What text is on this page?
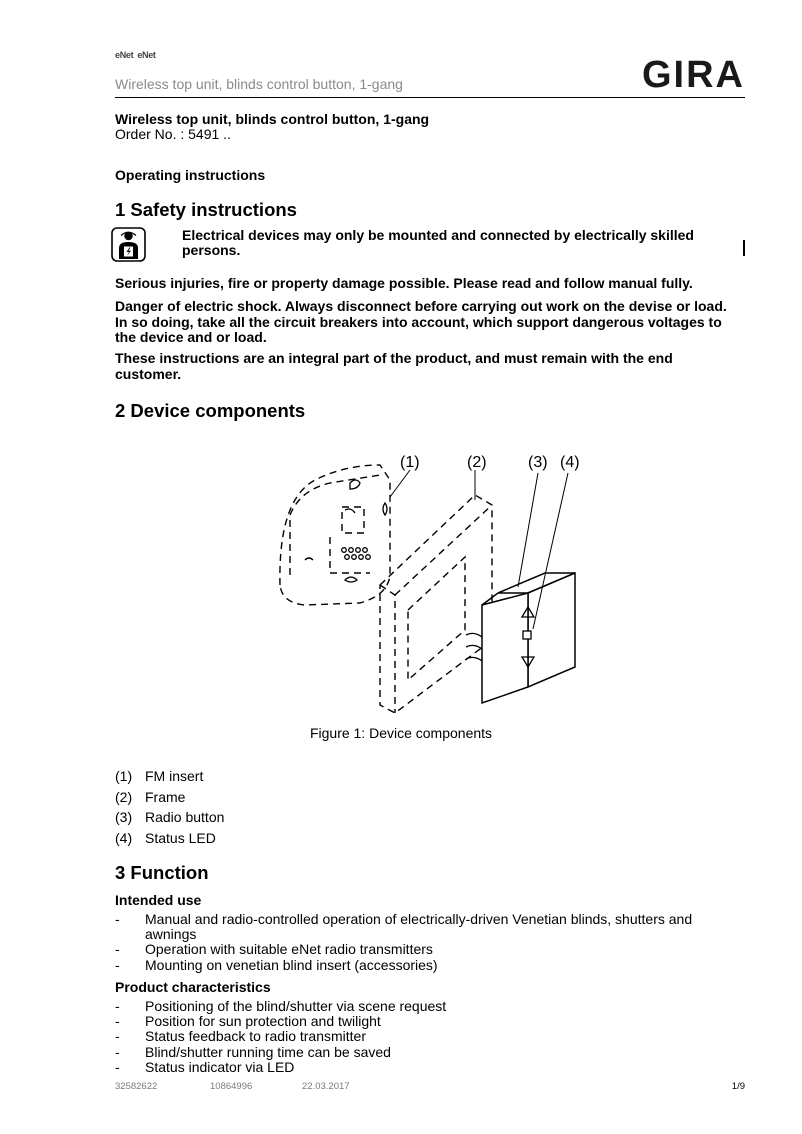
eNet eNet
Wireless top unit, blinds control button, 1-gang	GIRA
Wireless top unit, blinds control button, 1-gang
Order No. : 5491 ..
Operating instructions
1 Safety instructions
Electrical devices may only be mounted and connected by electrically skilled persons.
Serious injuries, fire or property damage possible. Please read and follow manual fully.
Danger of electric shock. Always disconnect before carrying out work on the devise or load. In so doing, take all the circuit breakers into account, which support dangerous voltages to the device and or load.
These instructions are an integral part of the product, and must remain with the end customer.
2 Device components
(1)	(2)	(3) (4)
Figure 1: Device components
(1) FM insert
(2) Frame
(3) Radio button
(4) Status LED
3 Function
Intended use
-	Manual and radio-controlled operation of electrically-driven Venetian blinds, shutters and awnings
-	Operation with suitable eNet radio transmitters
-	Mounting on venetian blind insert (accessories)
Product characteristics
-	Positioning of the blind/shutter via scene request
-	Position for sun protection and twilight
-	Status feedback to radio transmitter
-	Blind/shutter running time can be saved
-	Status indicator via LED
32582622	10864996	22.03.2017	1/9
